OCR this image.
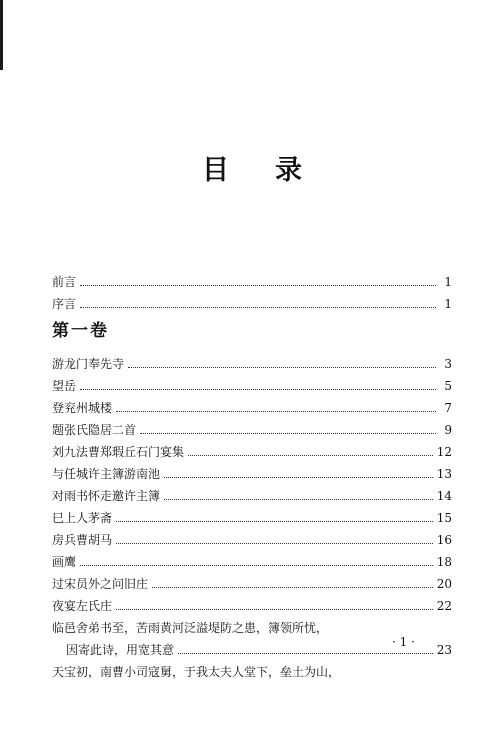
目 录
前言	1
序言	1
第一卷
游龙门奉先寺	3
望岳	5
登兖州城楼	7
题张氏隐居二首	9
刘九法曹郑瑕丘石门宴集	12
与任城许主簿游南池	13
对雨书怀走邀许主簿	14
巳上人茅斋	15
房兵曹胡马	16
画鹰	18
过宋员外之问旧庄	20
夜宴左氏庄	22
临邑舍弟书至，苦雨黄河泛溢堤防之患，簿领所忧，
因寄此诗，用宽其意	23
天宝初，南曹小司寇舅，于我太夫人堂下，垒土为山，
· 1 ·
